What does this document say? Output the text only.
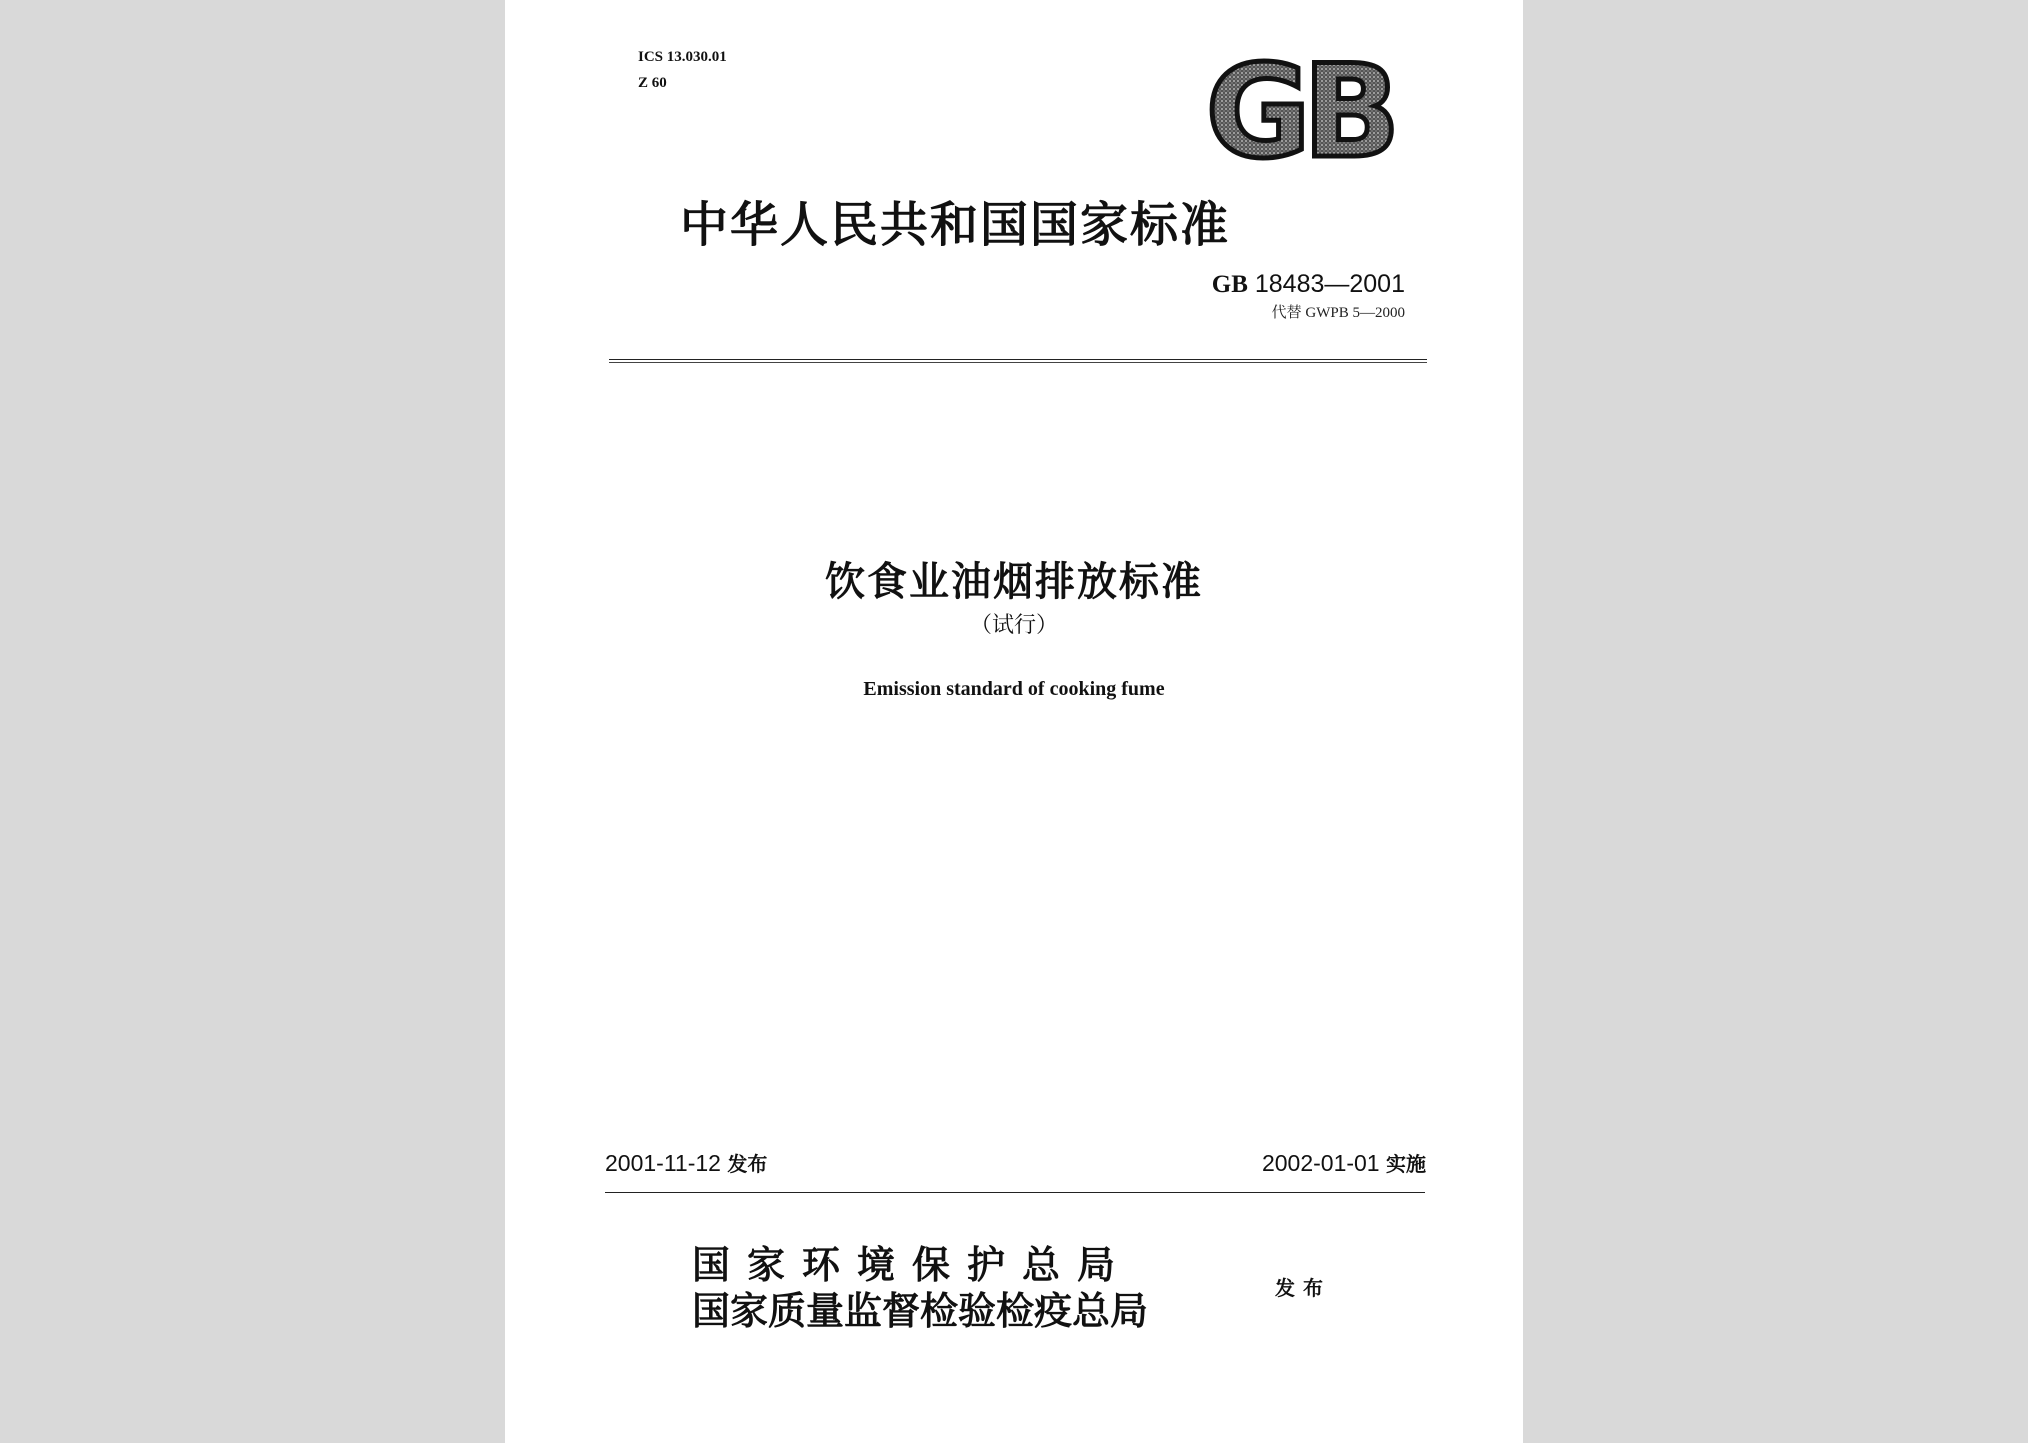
ICS 13.030.01
Z 60	GB
中华人民共和国国家标准
GB 18483—2001
代替 GWPB 5—2000
饮食业油烟排放标准
（试行）
Emission standard of cooking fume
2001-11-12 发布	2002-01-01 实施
国家环境保护总局
国家质量监督检验检疫总局
发布
